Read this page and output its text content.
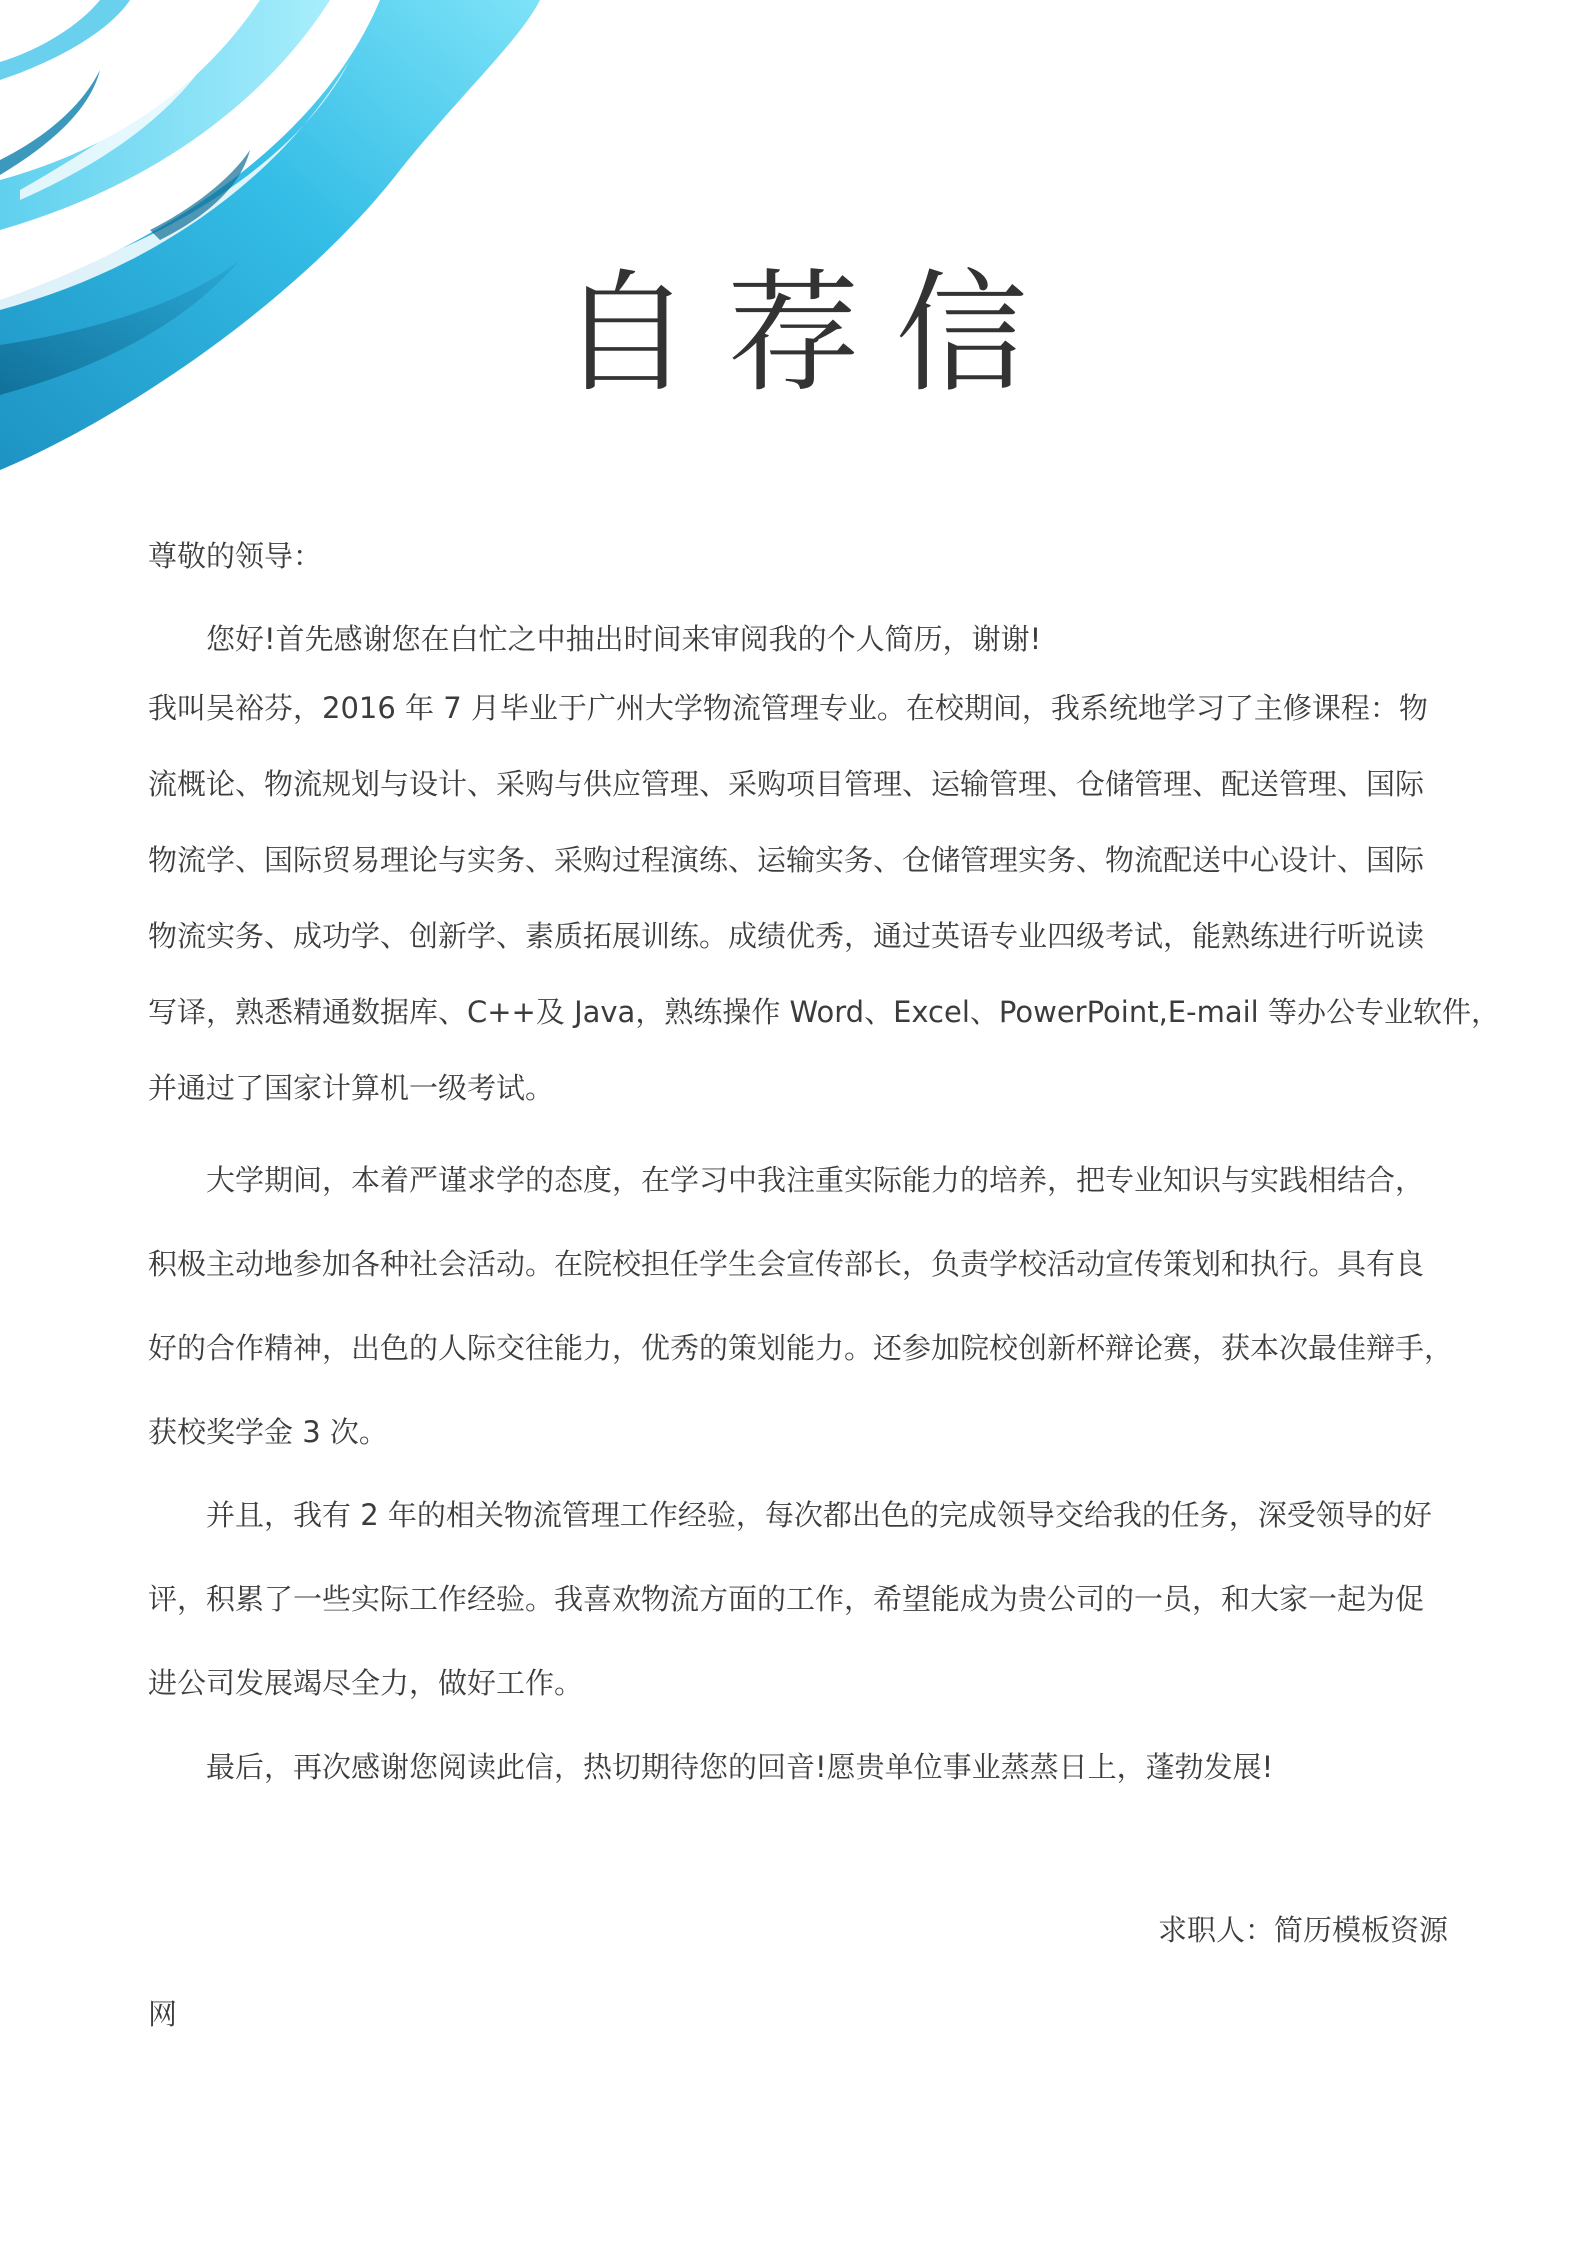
自荐信

尊敬的领导：

您好!首先感谢您在白忙之中抽出时间来审阅我的个人简历，谢谢!

我叫吴裕芬，2016 年 7 月毕业于广州大学物流管理专业。在校期间，我系统地学习了主修课程：物

流概论、物流规划与设计、采购与供应管理、采购项目管理、运输管理、仓储管理、配送管理、国际

物流学、国际贸易理论与实务、采购过程演练、运输实务、仓储管理实务、物流配送中心设计、国际

物流实务、成功学、创新学、素质拓展训练。成绩优秀，通过英语专业四级考试，能熟练进行听说读

写译，熟悉精通数据库、C++及 Java，熟练操作 Word、Excel、PowerPoint,E-mail 等办公专业软件，

并通过了国家计算机一级考试。

大学期间，本着严谨求学的态度，在学习中我注重实际能力的培养，把专业知识与实践相结合，

积极主动地参加各种社会活动。在院校担任学生会宣传部长，负责学校活动宣传策划和执行。具有良

好的合作精神，出色的人际交往能力，优秀的策划能力。还参加院校创新杯辩论赛，获本次最佳辩手，

获校奖学金 3 次。

并且，我有 2 年的相关物流管理工作经验，每次都出色的完成领导交给我的任务，深受领导的好

评，积累了一些实际工作经验。我喜欢物流方面的工作，希望能成为贵公司的一员，和大家一起为促

进公司发展竭尽全力，做好工作。

最后，再次感谢您阅读此信，热切期待您的回音!愿贵单位事业蒸蒸日上，蓬勃发展!

求职人：简历模板资源

网
